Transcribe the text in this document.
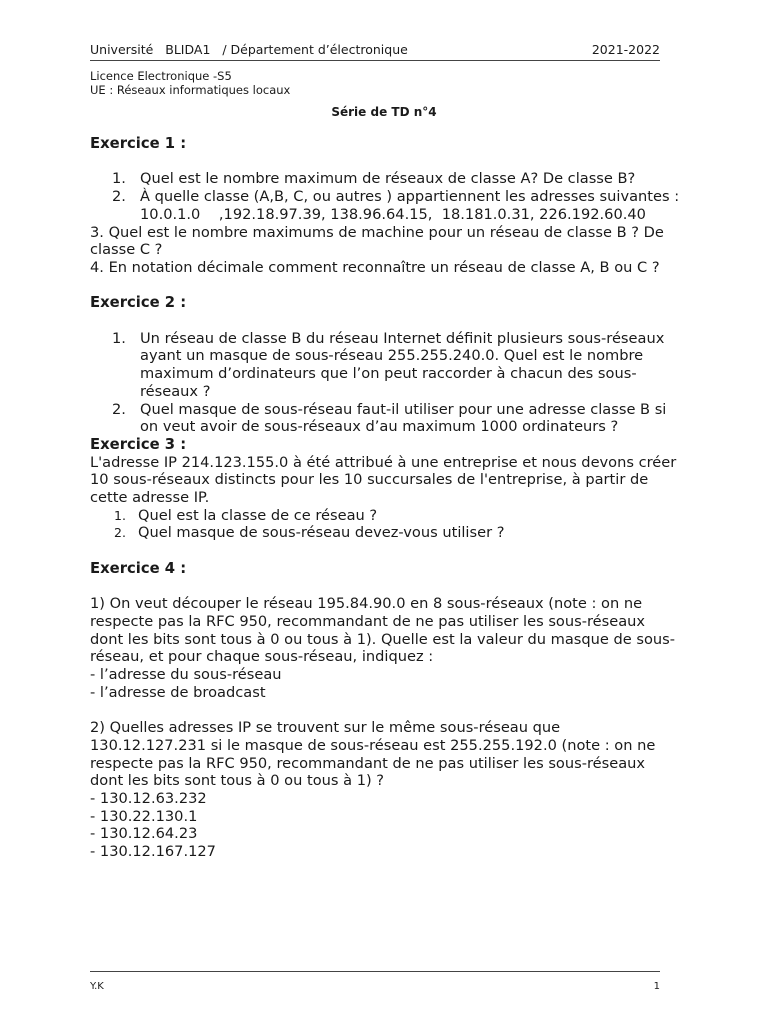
Université   BLIDA1   / Département d’électronique	2021-2022
Licence Electronique -S5
UE : Réseaux informatiques locaux
Série de TD n°4

Exercice 1 :

1. Quel est le nombre maximum de réseaux de classe A? De classe B?
2. À quelle classe (A,B, C, ou autres ) appartiennent les adresses suivantes :

10.0.1.0    ,192.18.97.39, 138.96.64.15,  18.181.0.31, 226.192.60.40

3. Quel est le nombre maximums de machine pour un réseau de classe B ? De classe C ?

4. En notation décimale comment reconnaître un réseau de classe A, B ou C ?

Exercice 2 :

1. Un réseau de classe B du réseau Internet définit plusieurs sous-réseaux ayant un masque de sous-réseau 255.255.240.0. Quel est le nombre maximum d’ordinateurs que l’on peut raccorder à chacun des sous-réseaux ?
2. Quel masque de sous-réseau faut-il utiliser pour une adresse classe B si on veut avoir de sous-réseaux d’au maximum 1000 ordinateurs ?

Exercice 3 :

L'adresse IP 214.123.155.0 à été attribué à une entreprise et nous devons créer 10 sous-réseaux distincts pour les 10 succursales de l'entreprise, à partir de cette adresse IP.

1. Quel est la classe de ce réseau ?
2. Quel masque de sous-réseau devez-vous utiliser ?

Exercice 4 :

1) On veut découper le réseau 195.84.90.0 en 8 sous-réseaux (note : on ne respecte pas la RFC 950, recommandant de ne pas utiliser les sous-réseaux dont les bits sont tous à 0 ou tous à 1). Quelle est la valeur du masque de sous-réseau, et pour chaque sous-réseau, indiquez :

- l’adresse du sous-réseau

- l’adresse de broadcast

2) Quelles adresses IP se trouvent sur le même sous-réseau que 130.12.127.231 si le masque de sous-réseau est 255.255.192.0 (note : on ne respecte pas la RFC 950, recommandant de ne pas utiliser les sous-réseaux dont les bits sont tous à 0 ou tous à 1) ?

- 130.12.63.232

- 130.22.130.1

- 130.12.64.23

- 130.12.167.127

Y.K	1
